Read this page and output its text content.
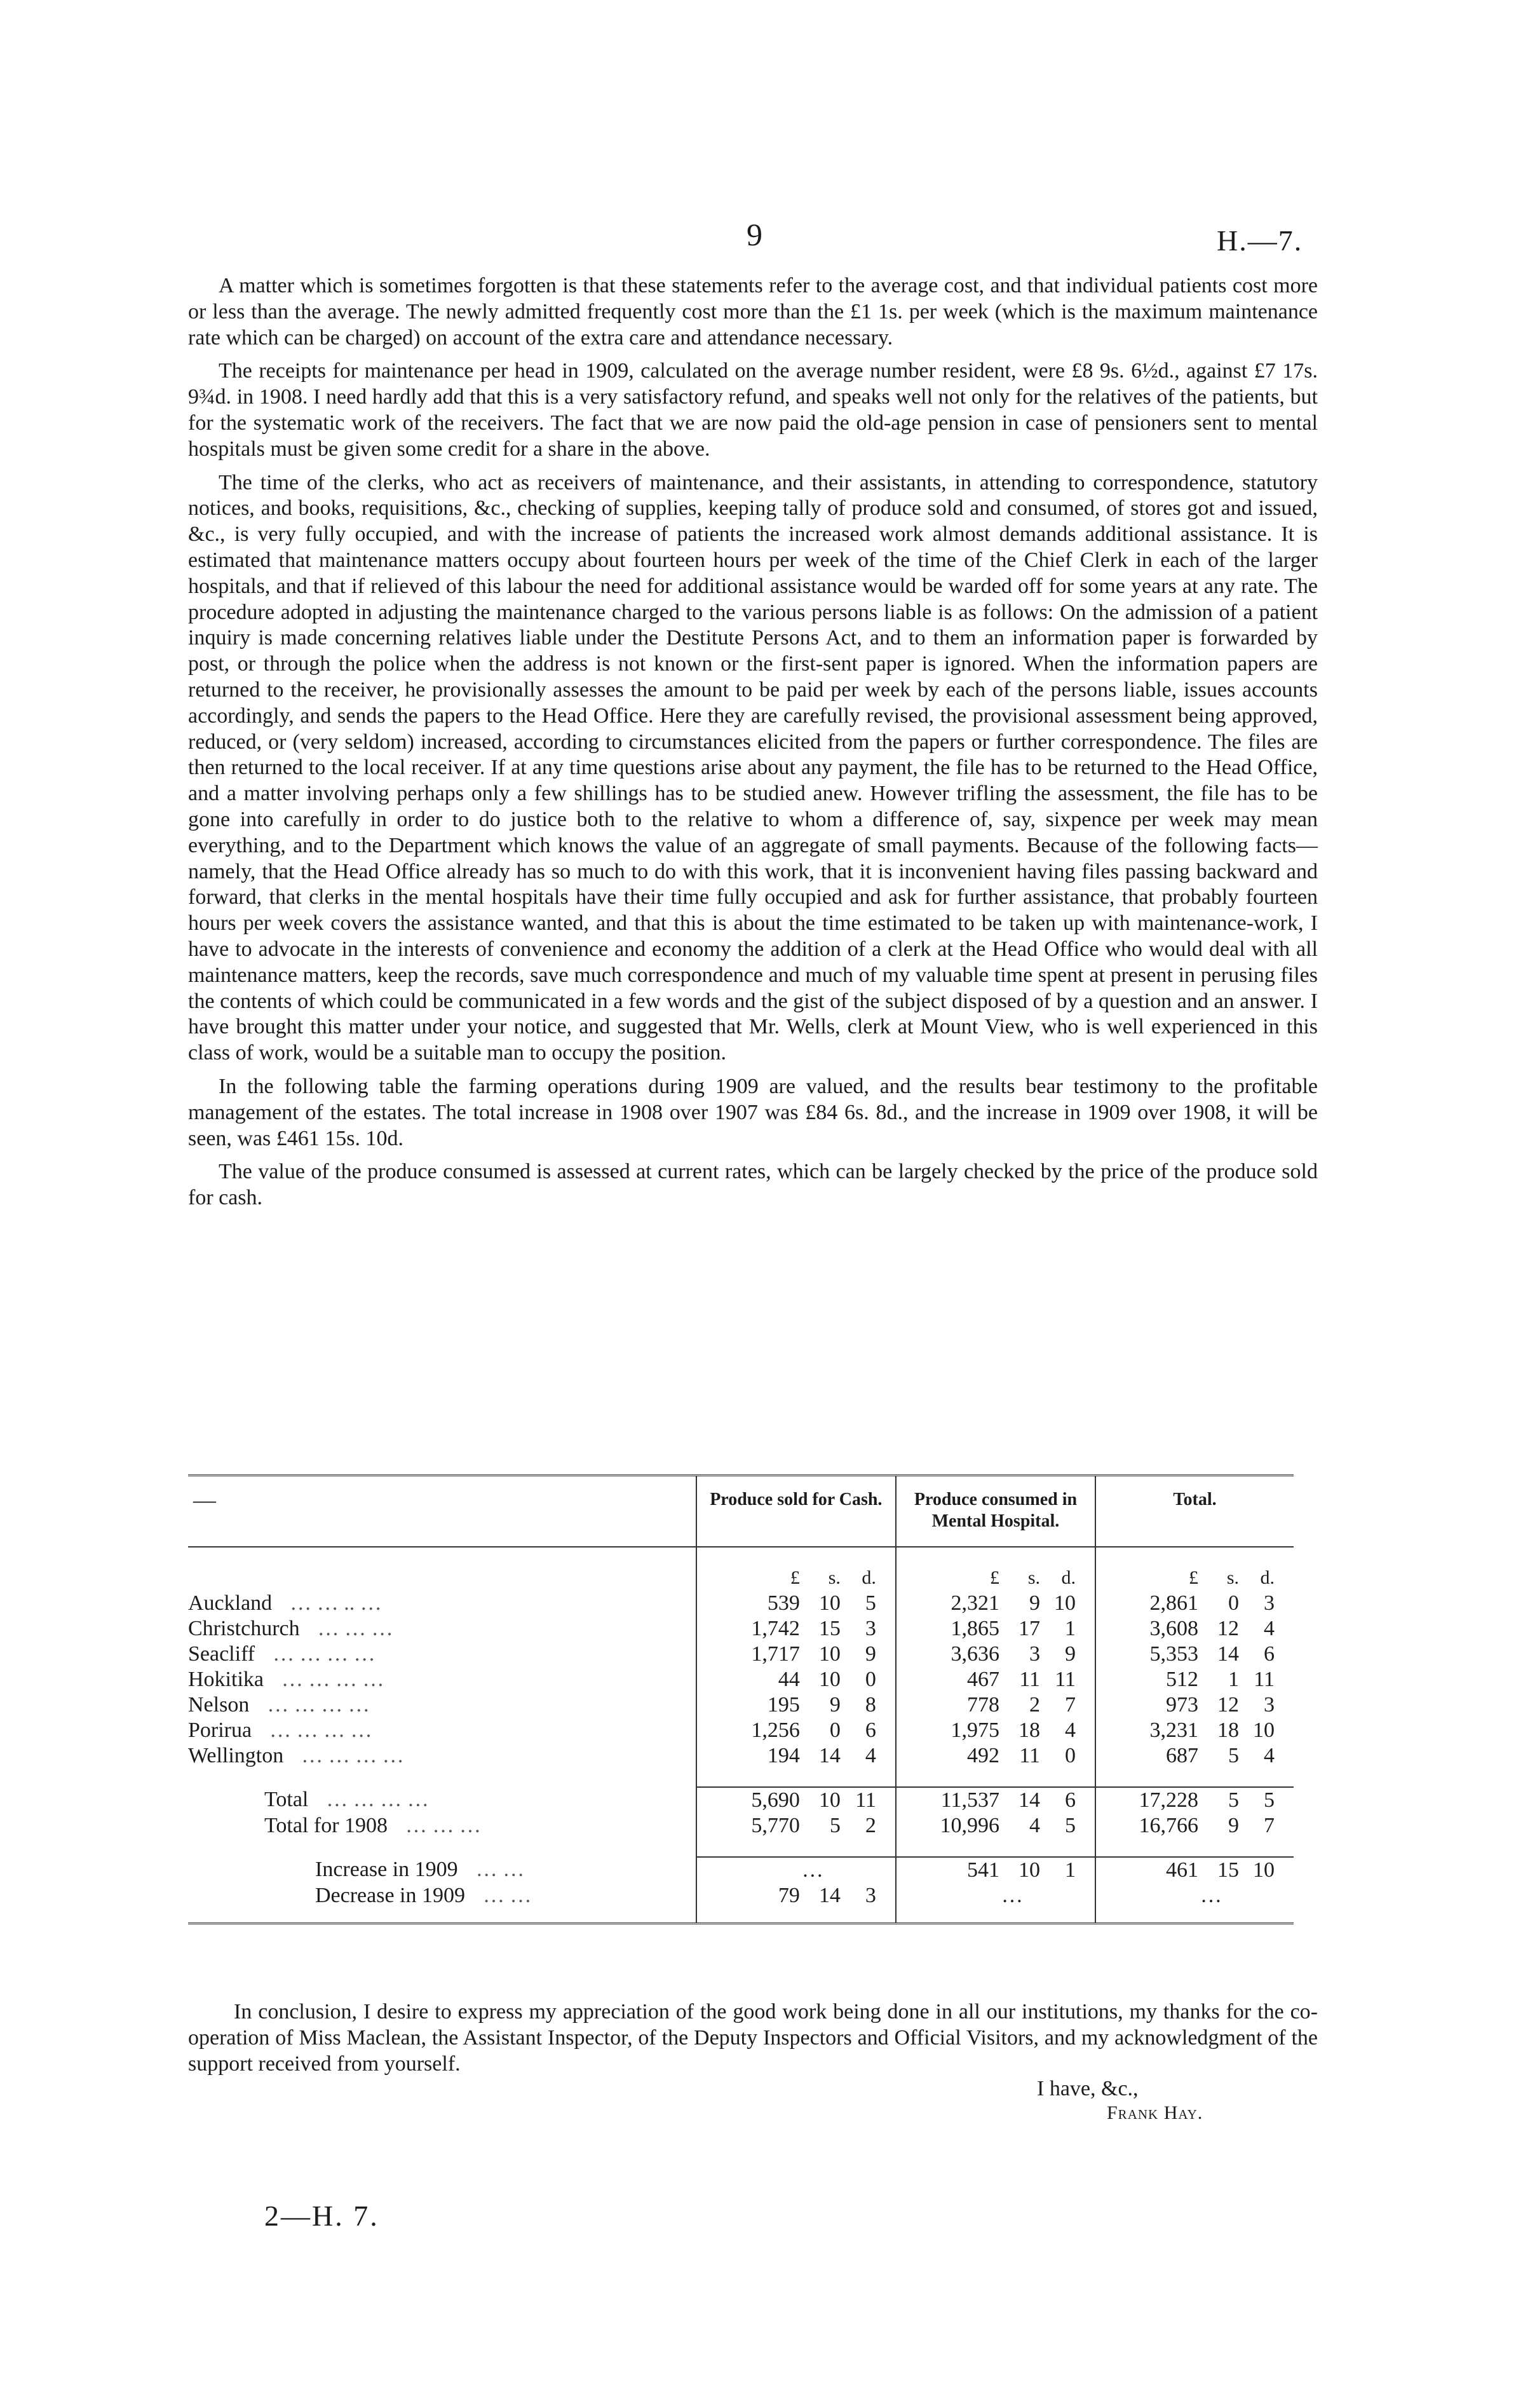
9	H.—7.

A matter which is sometimes forgotten is that these statements refer to the average cost, and that individual patients cost more or less than the average. The newly admitted frequently cost more than the £1 1s. per week (which is the maximum maintenance rate which can be charged) on account of the extra care and attendance necessary.

The receipts for maintenance per head in 1909, calculated on the average number resident, were £8 9s. 6½d., against £7 17s. 9¾d. in 1908. I need hardly add that this is a very satisfactory refund, and speaks well not only for the relatives of the patients, but for the systematic work of the receivers. The fact that we are now paid the old-age pension in case of pensioners sent to mental hospitals must be given some credit for a share in the above.

The time of the clerks, who act as receivers of maintenance, and their assistants, in attending to correspondence, statutory notices, and books, requisitions, &c., checking of supplies, keeping tally of produce sold and consumed, of stores got and issued, &c., is very fully occupied, and with the increase of patients the increased work almost demands additional assistance. It is estimated that maintenance matters occupy about fourteen hours per week of the time of the Chief Clerk in each of the larger hospitals, and that if relieved of this labour the need for additional assistance would be warded off for some years at any rate. The procedure adopted in adjusting the maintenance charged to the various persons liable is as follows: On the admission of a patient inquiry is made concerning relatives liable under the Destitute Persons Act, and to them an information paper is forwarded by post, or through the police when the address is not known or the first-sent paper is ignored. When the information papers are returned to the receiver, he provisionally assesses the amount to be paid per week by each of the persons liable, issues accounts accordingly, and sends the papers to the Head Office. Here they are carefully revised, the provisional assessment being approved, reduced, or (very seldom) increased, according to circumstances elicited from the papers or further correspondence. The files are then returned to the local receiver. If at any time questions arise about any payment, the file has to be returned to the Head Office, and a matter involving perhaps only a few shillings has to be studied anew. However trifling the assessment, the file has to be gone into carefully in order to do justice both to the relative to whom a difference of, say, sixpence per week may mean everything, and to the Department which knows the value of an aggregate of small payments. Because of the following facts—namely, that the Head Office already has so much to do with this work, that it is inconvenient having files passing backward and forward, that clerks in the mental hospitals have their time fully occupied and ask for further assistance, that probably fourteen hours per week covers the assistance wanted, and that this is about the time estimated to be taken up with maintenance-work, I have to advocate in the interests of convenience and economy the addition of a clerk at the Head Office who would deal with all maintenance matters, keep the records, save much correspondence and much of my valuable time spent at present in perusing files the contents of which could be communicated in a few words and the gist of the subject disposed of by a question and an answer. I have brought this matter under your notice, and suggested that Mr. Wells, clerk at Mount View, who is well experienced in this class of work, would be a suitable man to occupy the position.

In the following table the farming operations during 1909 are valued, and the results bear testimony to the profitable management of the estates. The total increase in 1908 over 1907 was £84 6s. 8d., and the increase in 1909 over 1908, it will be seen, was £461 15s. 10d.

The value of the produce consumed is assessed at current rates, which can be largely checked by the price of the produce sold for cash.

—	Produce sold for Cash.	Produce consumed in Mental Hospital.	Total.

	£ s. d.	£ s. d.	£ s. d.

Auckland … … .. …	539 10 5	2,321 9 10	2,861 0 3

Christchurch … … …	1,742 15 3	1,865 17 1	3,608 12 4

Seacliff … … … …	1,717 10 9	3,636 3 9	5,353 14 6

Hokitika … … … …	44 10 0	467 11 11	512 1 11

Nelson … … … …	195 9 8	778 2 7	973 12 3

Porirua … … … …	1,256 0 6	1,975 18 4	3,231 18 10

Wellington … … … …	194 14 4	492 11 0	687 5 4

Total … … … …	5,690 10 11	11,537 14 6	17,228 5 5

Total for 1908 … … …	5,770 5 2	10,996 4 5	16,766 9 7

Increase in 1909 … …	…	541 10 1	461 15 10

Decrease in 1909 … …	79 14 3	…	…

In conclusion, I desire to express my appreciation of the good work being done in all our institutions, my thanks for the co-operation of Miss Maclean, the Assistant Inspector, of the Deputy Inspectors and Official Visitors, and my acknowledgment of the support received from yourself.

I have, &c.,
Frank Hay.
2—H. 7.
